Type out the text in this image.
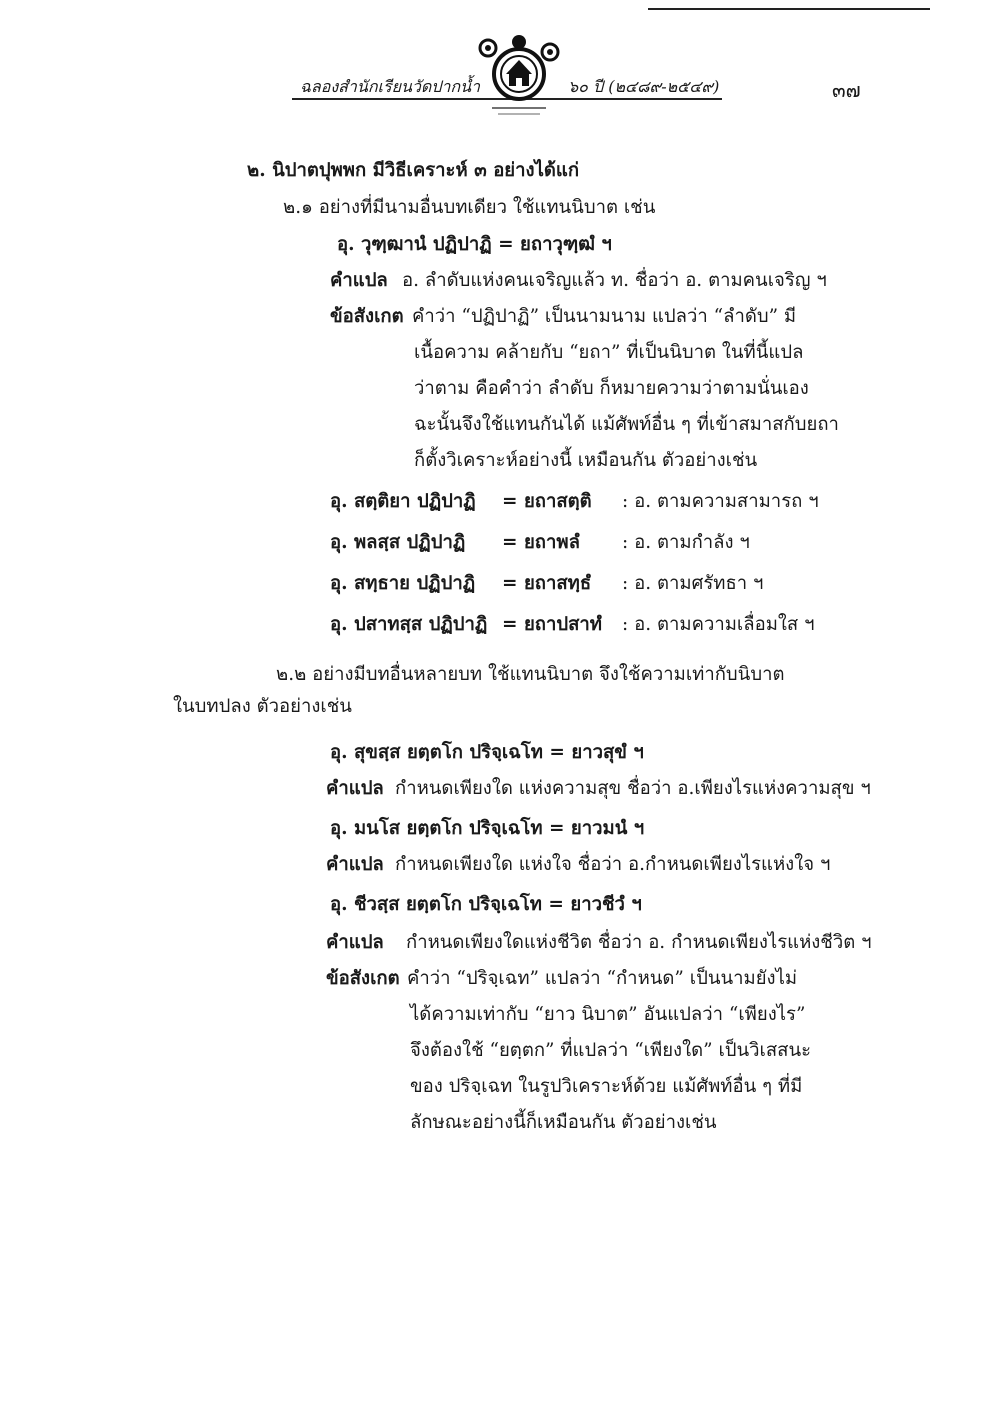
ฉลองสำนักเรียนวัดปากน้ำ	๖๐ ปี (๒๔๘๙-๒๕๔๙)	๓๗
๒. นิปาตปุพพก มีวิธีเคราะห์ ๓ อย่างได้แก่
๒.๑ อย่างที่มีนามอื่นบทเดียว ใช้แทนนิบาต เช่น
อุ. วุฑฺฒานํ ปฏิปาฏิ = ยถาวุฑฺฒํ ฯ
คำแปล อ. ลำดับแห่งคนเจริญแล้ว ท. ชื่อว่า อ. ตามคนเจริญ ฯ
ข้อสังเกต คำว่า “ปฏิปาฏิ” เป็นนามนาม แปลว่า “ลำดับ” มี
เนื้อความ คล้ายกับ “ยถา” ที่เป็นนิบาต ในที่นี้แปล
ว่าตาม คือคำว่า ลำดับ ก็หมายความว่าตามนั่นเอง
ฉะนั้นจึงใช้แทนกันได้ แม้ศัพท์อื่น ๆ ที่เข้าสมาสกับยถา
ก็ตั้งวิเคราะห์อย่างนี้ เหมือนกัน ตัวอย่างเช่น
อุ. สตฺติยา ปฏิปาฏิ = ยถาสตฺติ : อ. ตามความสามารถ ฯ
อุ. พลสฺส ปฏิปาฏิ = ยถาพลํ : อ. ตามกำลัง ฯ
อุ. สทฺธาย ปฏิปาฏิ = ยถาสทฺธํ : อ. ตามศรัทธา ฯ
อุ. ปสาทสฺส ปฏิปาฏิ = ยถาปสาทํ : อ. ตามความเลื่อมใส ฯ
๒.๒ อย่างมีบทอื่นหลายบท ใช้แทนนิบาต จึงใช้ความเท่ากับนิบาต
ในบทปลง ตัวอย่างเช่น
อุ. สุขสฺส ยตฺตโก ปริจฺเฉโท = ยาวสุขํ ฯ
คำแปล กำหนดเพียงใด แห่งความสุข ชื่อว่า อ.เพียงไรแห่งความสุข ฯ
อุ. มนโส ยตฺตโก ปริจฺเฉโท = ยาวมนํ ฯ
คำแปล กำหนดเพียงใด แห่งใจ ชื่อว่า อ.กำหนดเพียงไรแห่งใจ ฯ
อุ. ชีวสฺส ยตฺตโก ปริจฺเฉโท = ยาวชีวํ ฯ
คำแปล กำหนดเพียงใดแห่งชีวิต ชื่อว่า อ. กำหนดเพียงไรแห่งชีวิต ฯ
ข้อสังเกต คำว่า “ปริจฺเฉท” แปลว่า “กำหนด” เป็นนามยังไม่
ได้ความเท่ากับ “ยาว นิบาต” อันแปลว่า “เพียงไร”
จึงต้องใช้ “ยตฺตก” ที่แปลว่า “เพียงใด” เป็นวิเสสนะ
ของ ปริจฺเฉท ในรูปวิเคราะห์ด้วย แม้ศัพท์อื่น ๆ ที่มี
ลักษณะอย่างนี้ก็เหมือนกัน ตัวอย่างเช่น
